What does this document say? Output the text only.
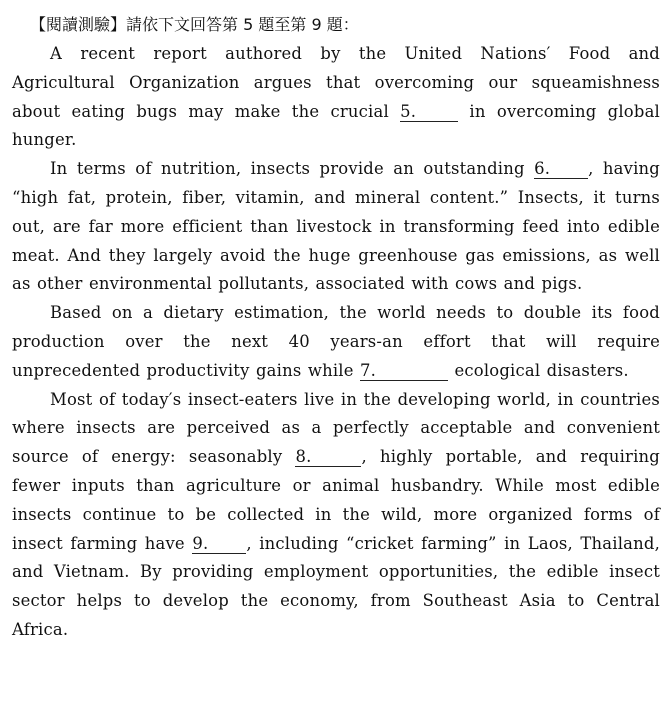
【閱讀測驗】請依下文回答第 5 題至第 9 題：

A recent report authored by the United Nations′ Food and Agricultural Organization argues that overcoming our squeamishness about eating bugs may make the crucial 5.	in overcoming global hunger.

In terms of nutrition, insects provide an outstanding 6. , having “high fat, protein, fiber, vitamin, and mineral content.” Insects, it turns out, are far more efficient than livestock in transforming feed into edible meat. And they largely avoid the huge greenhouse gas emissions, as well as other environmental pollutants, associated with cows and pigs.

Based on a dietary estimation, the world needs to double its food production over the next 40 years-an effort that will require unprecedented productivity gains while 7.	ecological disasters.

Most of today′s insect-eaters live in the developing world, in countries where insects are perceived as a perfectly acceptable and convenient source of energy: seasonably 8.	, highly portable, and requiring fewer inputs than agriculture or animal husbandry. While most edible insects continue to be collected in the wild, more organized forms of insect farming have 9. , including “cricket farming” in Laos, Thailand, and Vietnam. By providing employment opportunities, the edible insect sector helps to develop the economy, from Southeast Asia to Central Africa.
